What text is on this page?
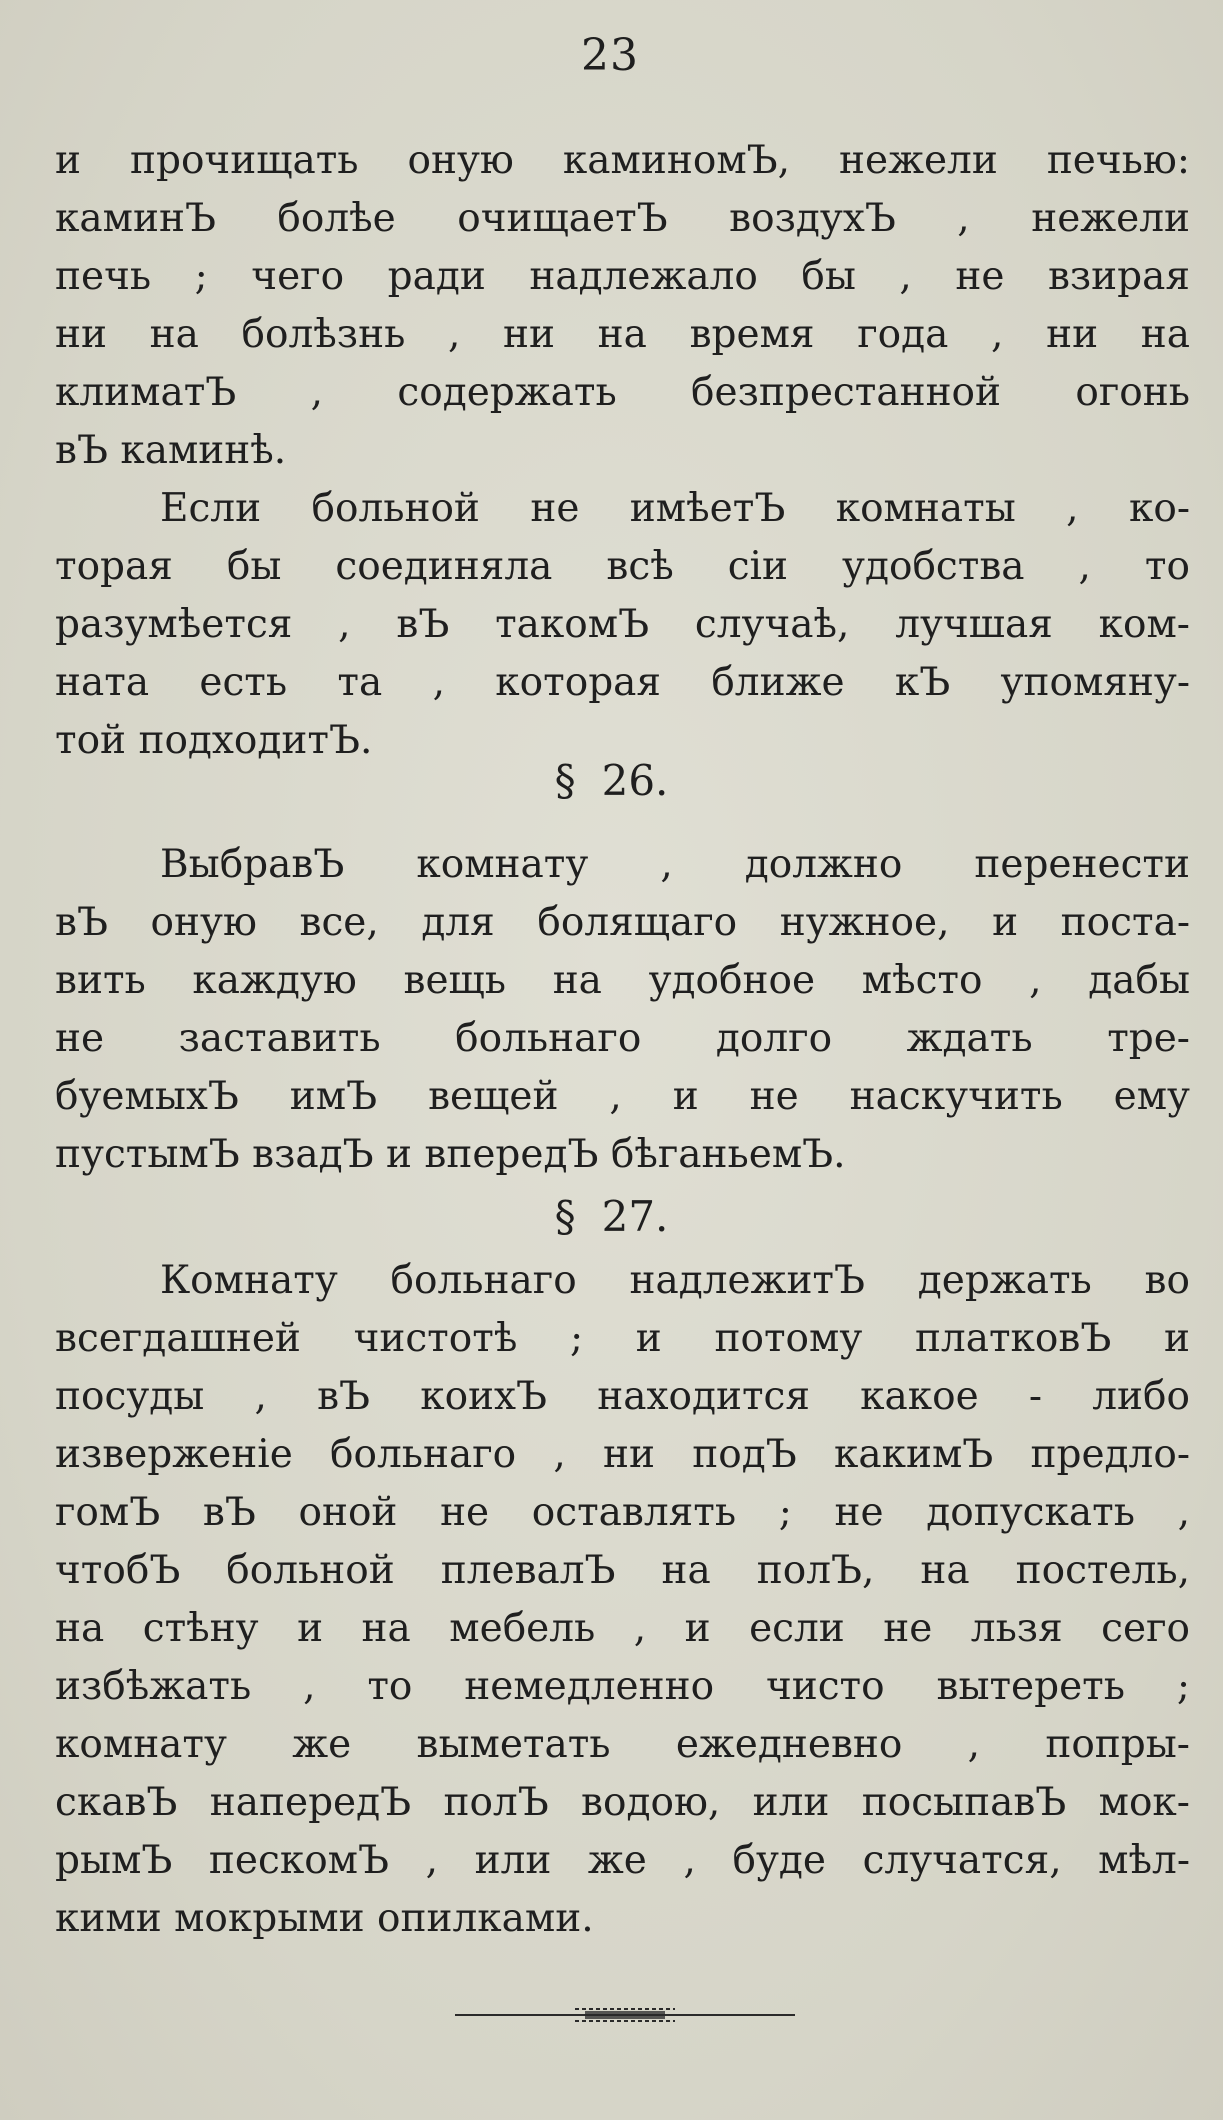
23
и прочищать оную каминомЪ, нежели печью:
каминЪ болѣе очищаетЪ воздухЪ , нежели
печь ; чего ради надлежало бы , не взирая
ни на болѣзнь , ни на время года , ни на
климатЪ , содержать безпрестанной огонь
вЪ каминѣ.
Если больной не имѣетЪ комнаты , ко-
торая бы соединяла всѣ сіи удобства , то
разумѣется , вЪ такомЪ случаѣ, лучшая ком-
ната есть та , которая ближе кЪ упомяну-
той подходитЪ.
§ 26.
ВыбравЪ комнату , должно перенести
вЪ оную все, для болящаго нужное, и поста-
вить каждую вещь на удобное мѣсто , дабы
не заставить больнаго долго ждать тре-
буемыхЪ имЪ вещей , и не наскучить ему
пустымЪ взадЪ и впередЪ бѣганьемЪ.
§ 27.
Комнату больнаго надлежитЪ держать во
всегдашней чистотѣ ; и потому платковЪ и
посуды , вЪ коихЪ находится какое - либо
изверженіе больнаго , ни подЪ какимЪ предло-
гомЪ вЪ оной не оставлять ; не допускать ,
чтобЪ больной плевалЪ на полЪ, на постель,
на стѣну и на мебель , и если не льзя сего
избѣжать , то немедленно чисто вытереть ;
комнату же выметать ежедневно , попры-
скавЪ напередЪ полЪ водою, или посыпавЪ мок-
рымЪ пескомЪ , или же , буде случатся, мѣл-
кими мокрыми опилками.
